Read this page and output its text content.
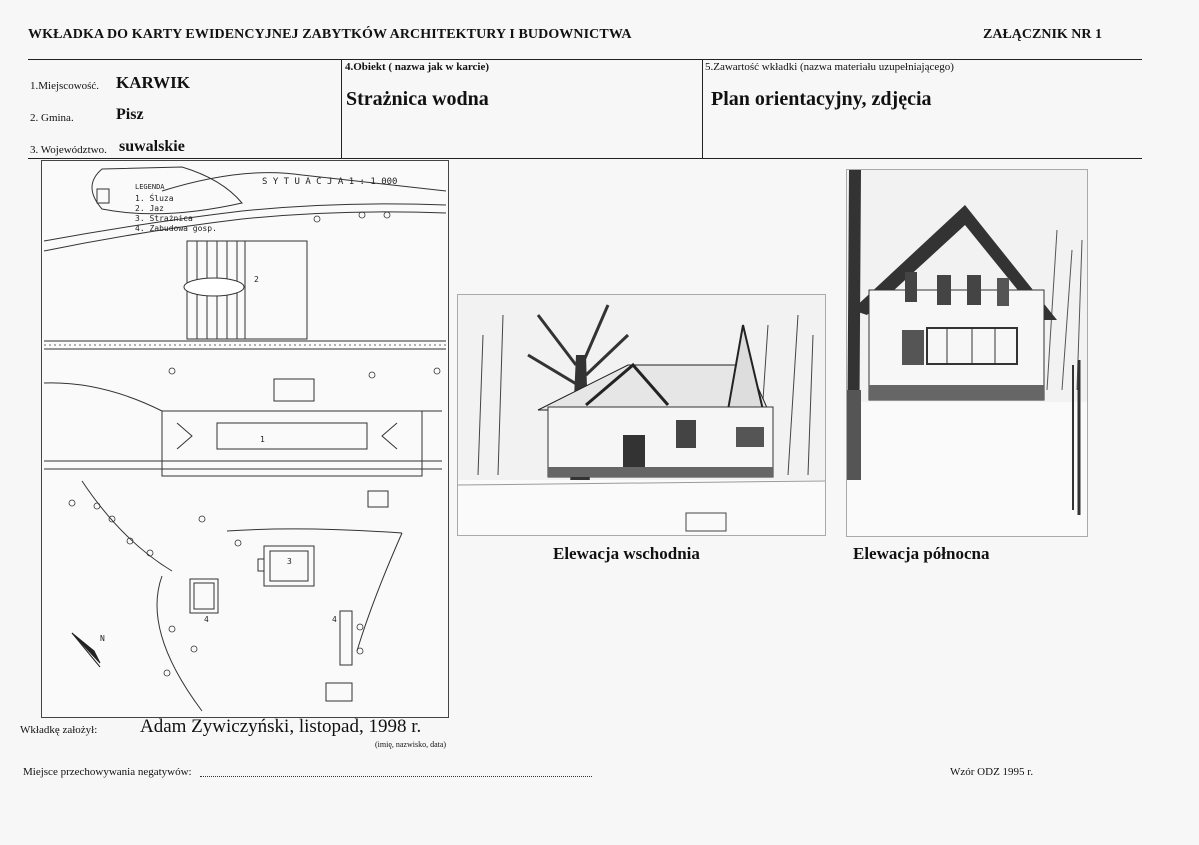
WKŁADKA DO KARTY EWIDENCYJNEJ ZABYTKÓW ARCHITEKTURY I BUDOWNICTWA	ZAŁĄCZNIK NR 1
1.Miejscowość. KARWIK
2. Gmina.	Pisz
3. Województwo. suwalskie
4.Obiekt ( nazwa jak w karcie)
Strażnica wodna
5.Zawartość wkładki (nazwa materiału uzupełniającego)
Plan orientacyjny, zdjęcia
N
S Y T U A C J A 1 : 1 000
LEGENDA
1. Śluza
2. Jaz
3. Strażnica
4. Zabudowa gosp.
1
2
3
4	4
Elewacja wschodnia	Elewacja północna
Wkładkę założył: Adam Zywiczyński, listopad, 1998 r.
(imię, nazwisko, data)
Miejsce przechowywania negatywów:	Wzór ODZ 1995 r.
